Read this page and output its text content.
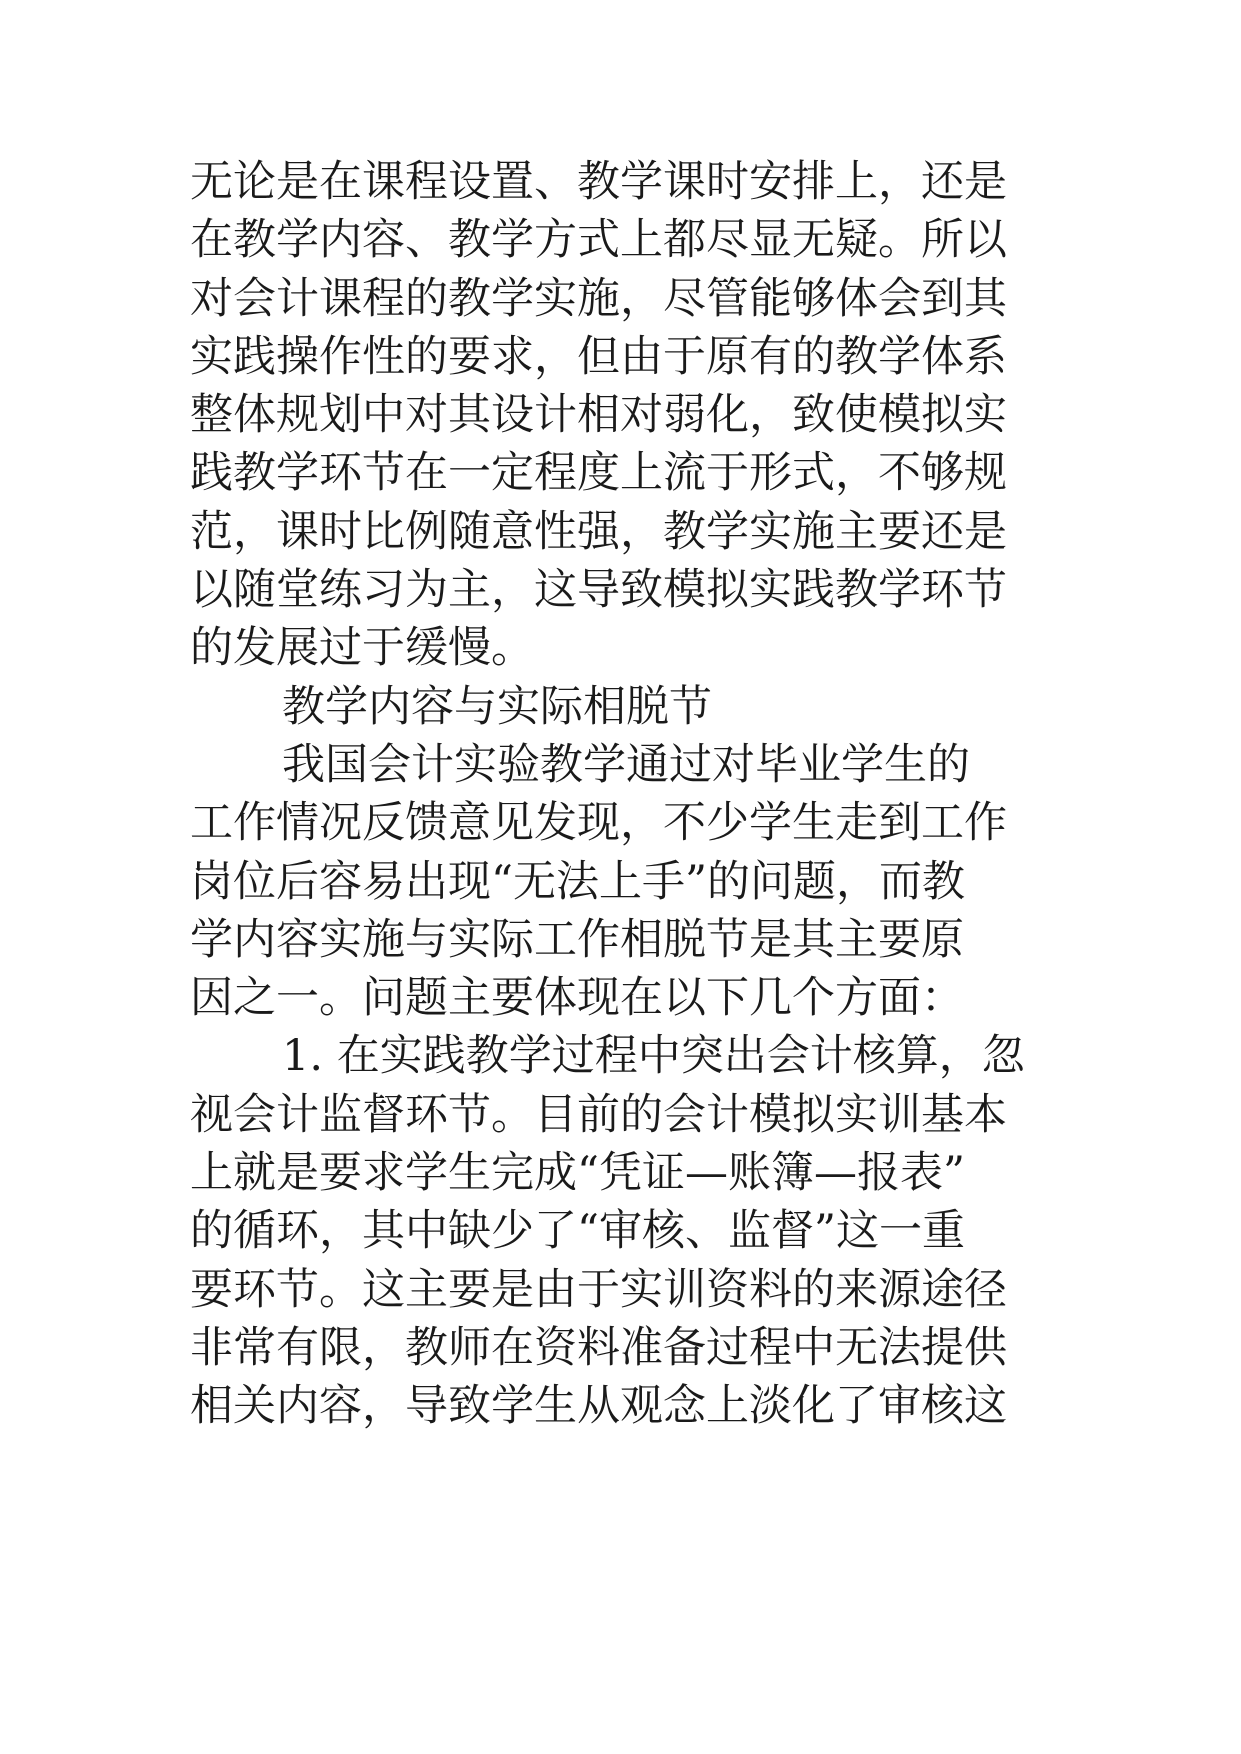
无论是在课程设置、教学课时安排上，还是
在教学内容、教学方式上都尽显无疑。所以
对会计课程的教学实施，尽管能够体会到其
实践操作性的要求，但由于原有的教学体系
整体规划中对其设计相对弱化，致使模拟实
践教学环节在一定程度上流于形式，不够规
范，课时比例随意性强，教学实施主要还是
以随堂练习为主，这导致模拟实践教学环节
的发展过于缓慢。
教学内容与实际相脱节
我国会计实验教学通过对毕业学生的
工作情况反馈意见发现，不少学生走到工作
岗位后容易出现“无法上手”的问题，而教
学内容实施与实际工作相脱节是其主要原
因之一。问题主要体现在以下几个方面：
1. 在实践教学过程中突出会计核算，忽
视会计监督环节。目前的会计模拟实训基本
上就是要求学生完成“凭证—账簿—报表”
的循环，其中缺少了“审核、监督”这一重
要环节。这主要是由于实训资料的来源途径
非常有限，教师在资料准备过程中无法提供
相关内容，导致学生从观念上淡化了审核这
